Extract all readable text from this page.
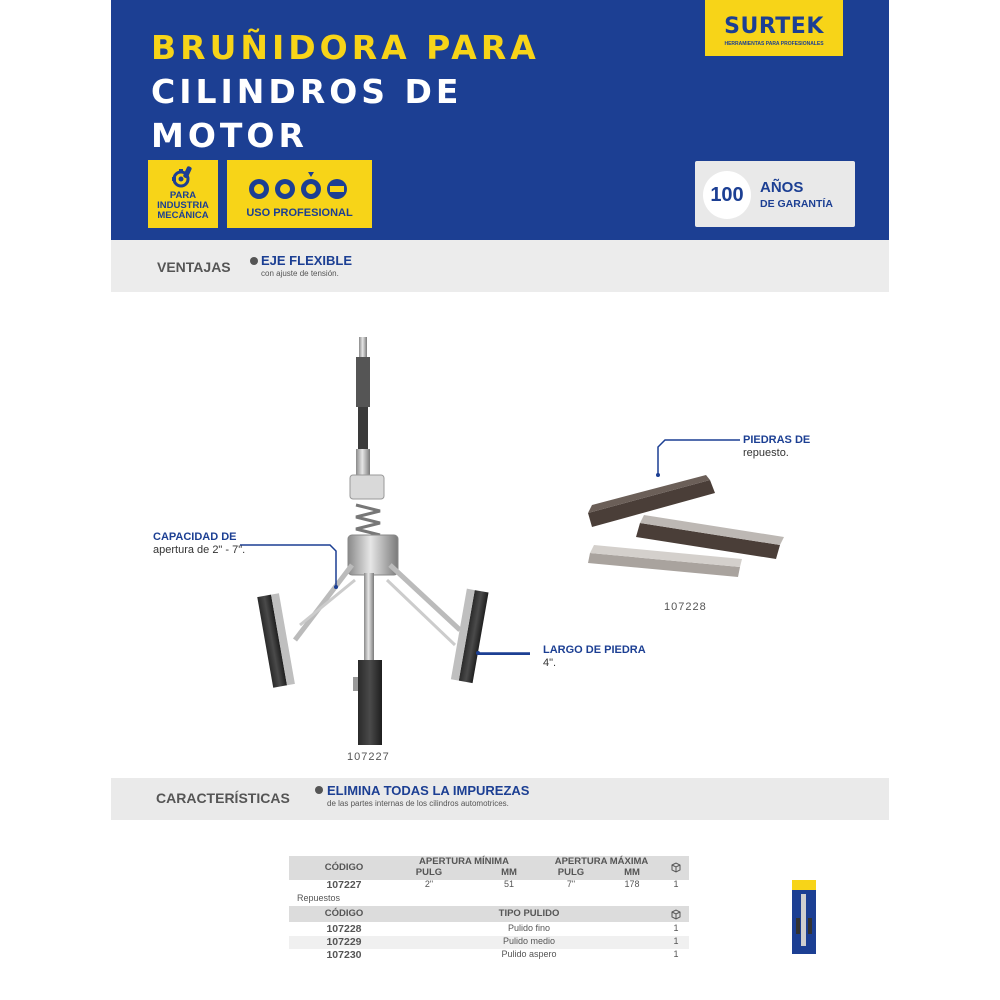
BRUÑIDORA PARA
CILINDROS DE
MOTOR
SURTEK
HERRAMIENTAS PARA PROFESIONALES
PARA
INDUSTRIA
MECÁNICA	USO PROFESIONAL
100	AÑOS
DE GARANTÍA
VENTAJAS EJE FLEXIBLE
con ajuste de tensión.
CAPACIDAD DE
apertura de 2" - 7".
LARGO DE PIEDRA
4".
107227
PIEDRAS DE
repuesto.
107228
CARACTERÍSTICAS	ELIMINA TODAS LA IMPUREZAS
de las partes internas de los cilindros automotrices.
CÓDIGO
APERTURA MÍNIMA	APERTURA MÁXIMA
PULG	MM	PULG	MM
107227	2"	51	7"	178	1
Repuestos
CÓDIGO	TIPO PULIDO
107228	Pulido fino	1
107229	Pulido medio	1
107230	Pulido aspero	1
